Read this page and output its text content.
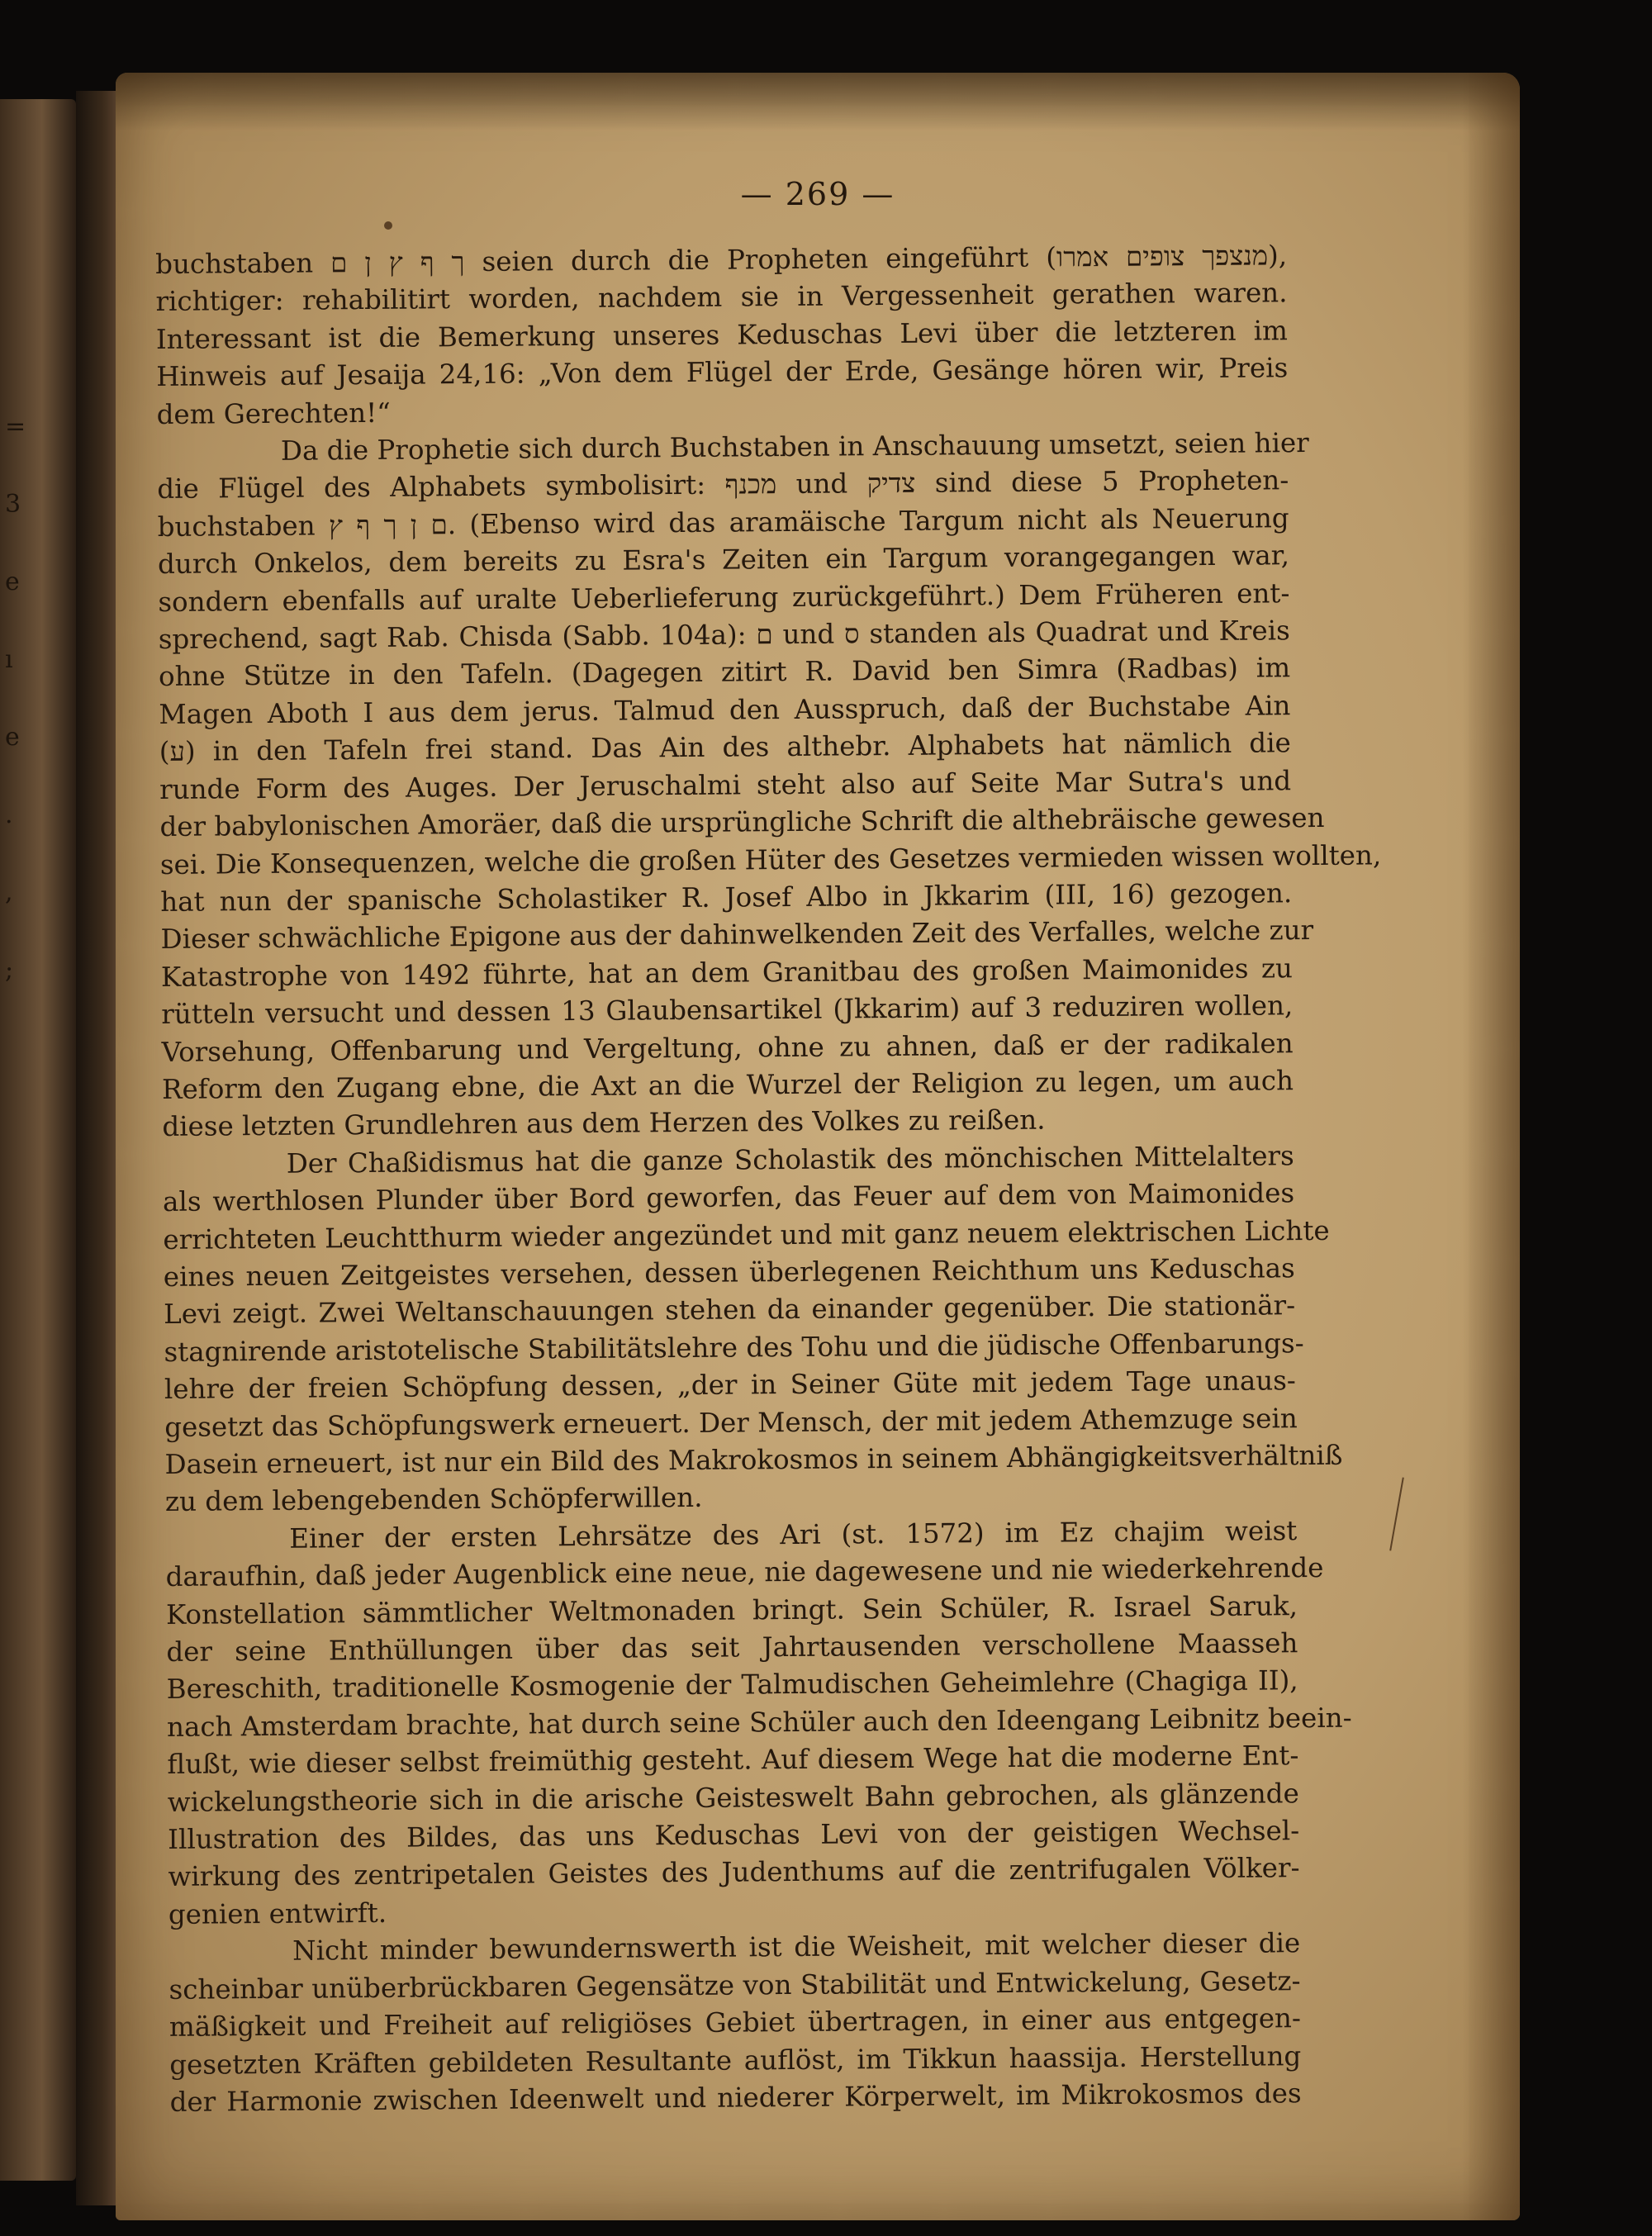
=
3
e
ı
e
.
,
;
— 269 —
buchstaben ך ף ץ ן ם seien durch die Propheten eingeführt (מנצפך צופים אמרו),
richtiger: rehabilitirt worden, nachdem sie in Vergessenheit gerathen waren.
Interessant ist die Bemerkung unseres Keduschas Levi über die letzteren im
Hinweis auf Jesaija 24,16: „Von dem Flügel der Erde, Gesänge hören wir, Preis
dem Gerechten!“
Da die Prophetie sich durch Buchstaben in Anschauung umsetzt, seien hier
die Flügel des Alphabets symbolisirt: מכנף und צדיק sind diese 5 Propheten-
buchstaben ם ן ך ף ץ. (Ebenso wird das aramäische Targum nicht als Neuerung
durch Onkelos, dem bereits zu Esra's Zeiten ein Targum vorangegangen war,
sondern ebenfalls auf uralte Ueberlieferung zurückgeführt.) Dem Früheren ent-
sprechend, sagt Rab. Chisda (Sabb. 104a): ם und ס standen als Quadrat und Kreis
ohne Stütze in den Tafeln. (Dagegen zitirt R. David ben Simra (Radbas) im
Magen Aboth I aus dem jerus. Talmud den Ausspruch, daß der Buchstabe Ain
(ע) in den Tafeln frei stand. Das Ain des althebr. Alphabets hat nämlich die
runde Form des Auges. Der Jeruschalmi steht also auf Seite Mar Sutra's und
der babylonischen Amoräer, daß die ursprüngliche Schrift die althebräische gewesen
sei. Die Konsequenzen, welche die großen Hüter des Gesetzes vermieden wissen wollten,
hat nun der spanische Scholastiker R. Josef Albo in Jkkarim (III, 16) gezogen.
Dieser schwächliche Epigone aus der dahinwelkenden Zeit des Verfalles, welche zur
Katastrophe von 1492 führte, hat an dem Granitbau des großen Maimonides zu
rütteln versucht und dessen 13 Glaubensartikel (Jkkarim) auf 3 reduziren wollen,
Vorsehung, Offenbarung und Vergeltung, ohne zu ahnen, daß er der radikalen
Reform den Zugang ebne, die Axt an die Wurzel der Religion zu legen, um auch
diese letzten Grundlehren aus dem Herzen des Volkes zu reißen.
Der Chaßidismus hat die ganze Scholastik des mönchischen Mittelalters
als werthlosen Plunder über Bord geworfen, das Feuer auf dem von Maimonides
errichteten Leuchtthurm wieder angezündet und mit ganz neuem elektrischen Lichte
eines neuen Zeitgeistes versehen, dessen überlegenen Reichthum uns Keduschas
Levi zeigt. Zwei Weltanschauungen stehen da einander gegenüber. Die stationär-
stagnirende aristotelische Stabilitätslehre des Tohu und die jüdische Offenbarungs-
lehre der freien Schöpfung dessen, „der in Seiner Güte mit jedem Tage unaus-
gesetzt das Schöpfungswerk erneuert. Der Mensch, der mit jedem Athemzuge sein
Dasein erneuert, ist nur ein Bild des Makrokosmos in seinem Abhängigkeitsverhältniß
zu dem lebengebenden Schöpferwillen.
Einer der ersten Lehrsätze des Ari (st. 1572) im Ez chajim weist
daraufhin, daß jeder Augenblick eine neue, nie dagewesene und nie wiederkehrende
Konstellation sämmtlicher Weltmonaden bringt. Sein Schüler, R. Israel Saruk,
der seine Enthüllungen über das seit Jahrtausenden verschollene Maasseh
Bereschith, traditionelle Kosmogenie der Talmudischen Geheimlehre (Chagiga II),
nach Amsterdam brachte, hat durch seine Schüler auch den Ideengang Leibnitz beein-
flußt, wie dieser selbst freimüthig gesteht. Auf diesem Wege hat die moderne Ent-
wickelungstheorie sich in die arische Geisteswelt Bahn gebrochen, als glänzende
Illustration des Bildes, das uns Keduschas Levi von der geistigen Wechsel-
wirkung des zentripetalen Geistes des Judenthums auf die zentrifugalen Völker-
genien entwirft.
Nicht minder bewundernswerth ist die Weisheit, mit welcher dieser die
scheinbar unüberbrückbaren Gegensätze von Stabilität und Entwickelung, Gesetz-
mäßigkeit und Freiheit auf religiöses Gebiet übertragen, in einer aus entgegen-
gesetzten Kräften gebildeten Resultante auflöst, im Tikkun haassija. Herstellung
der Harmonie zwischen Ideenwelt und niederer Körperwelt, im Mikrokosmos des
